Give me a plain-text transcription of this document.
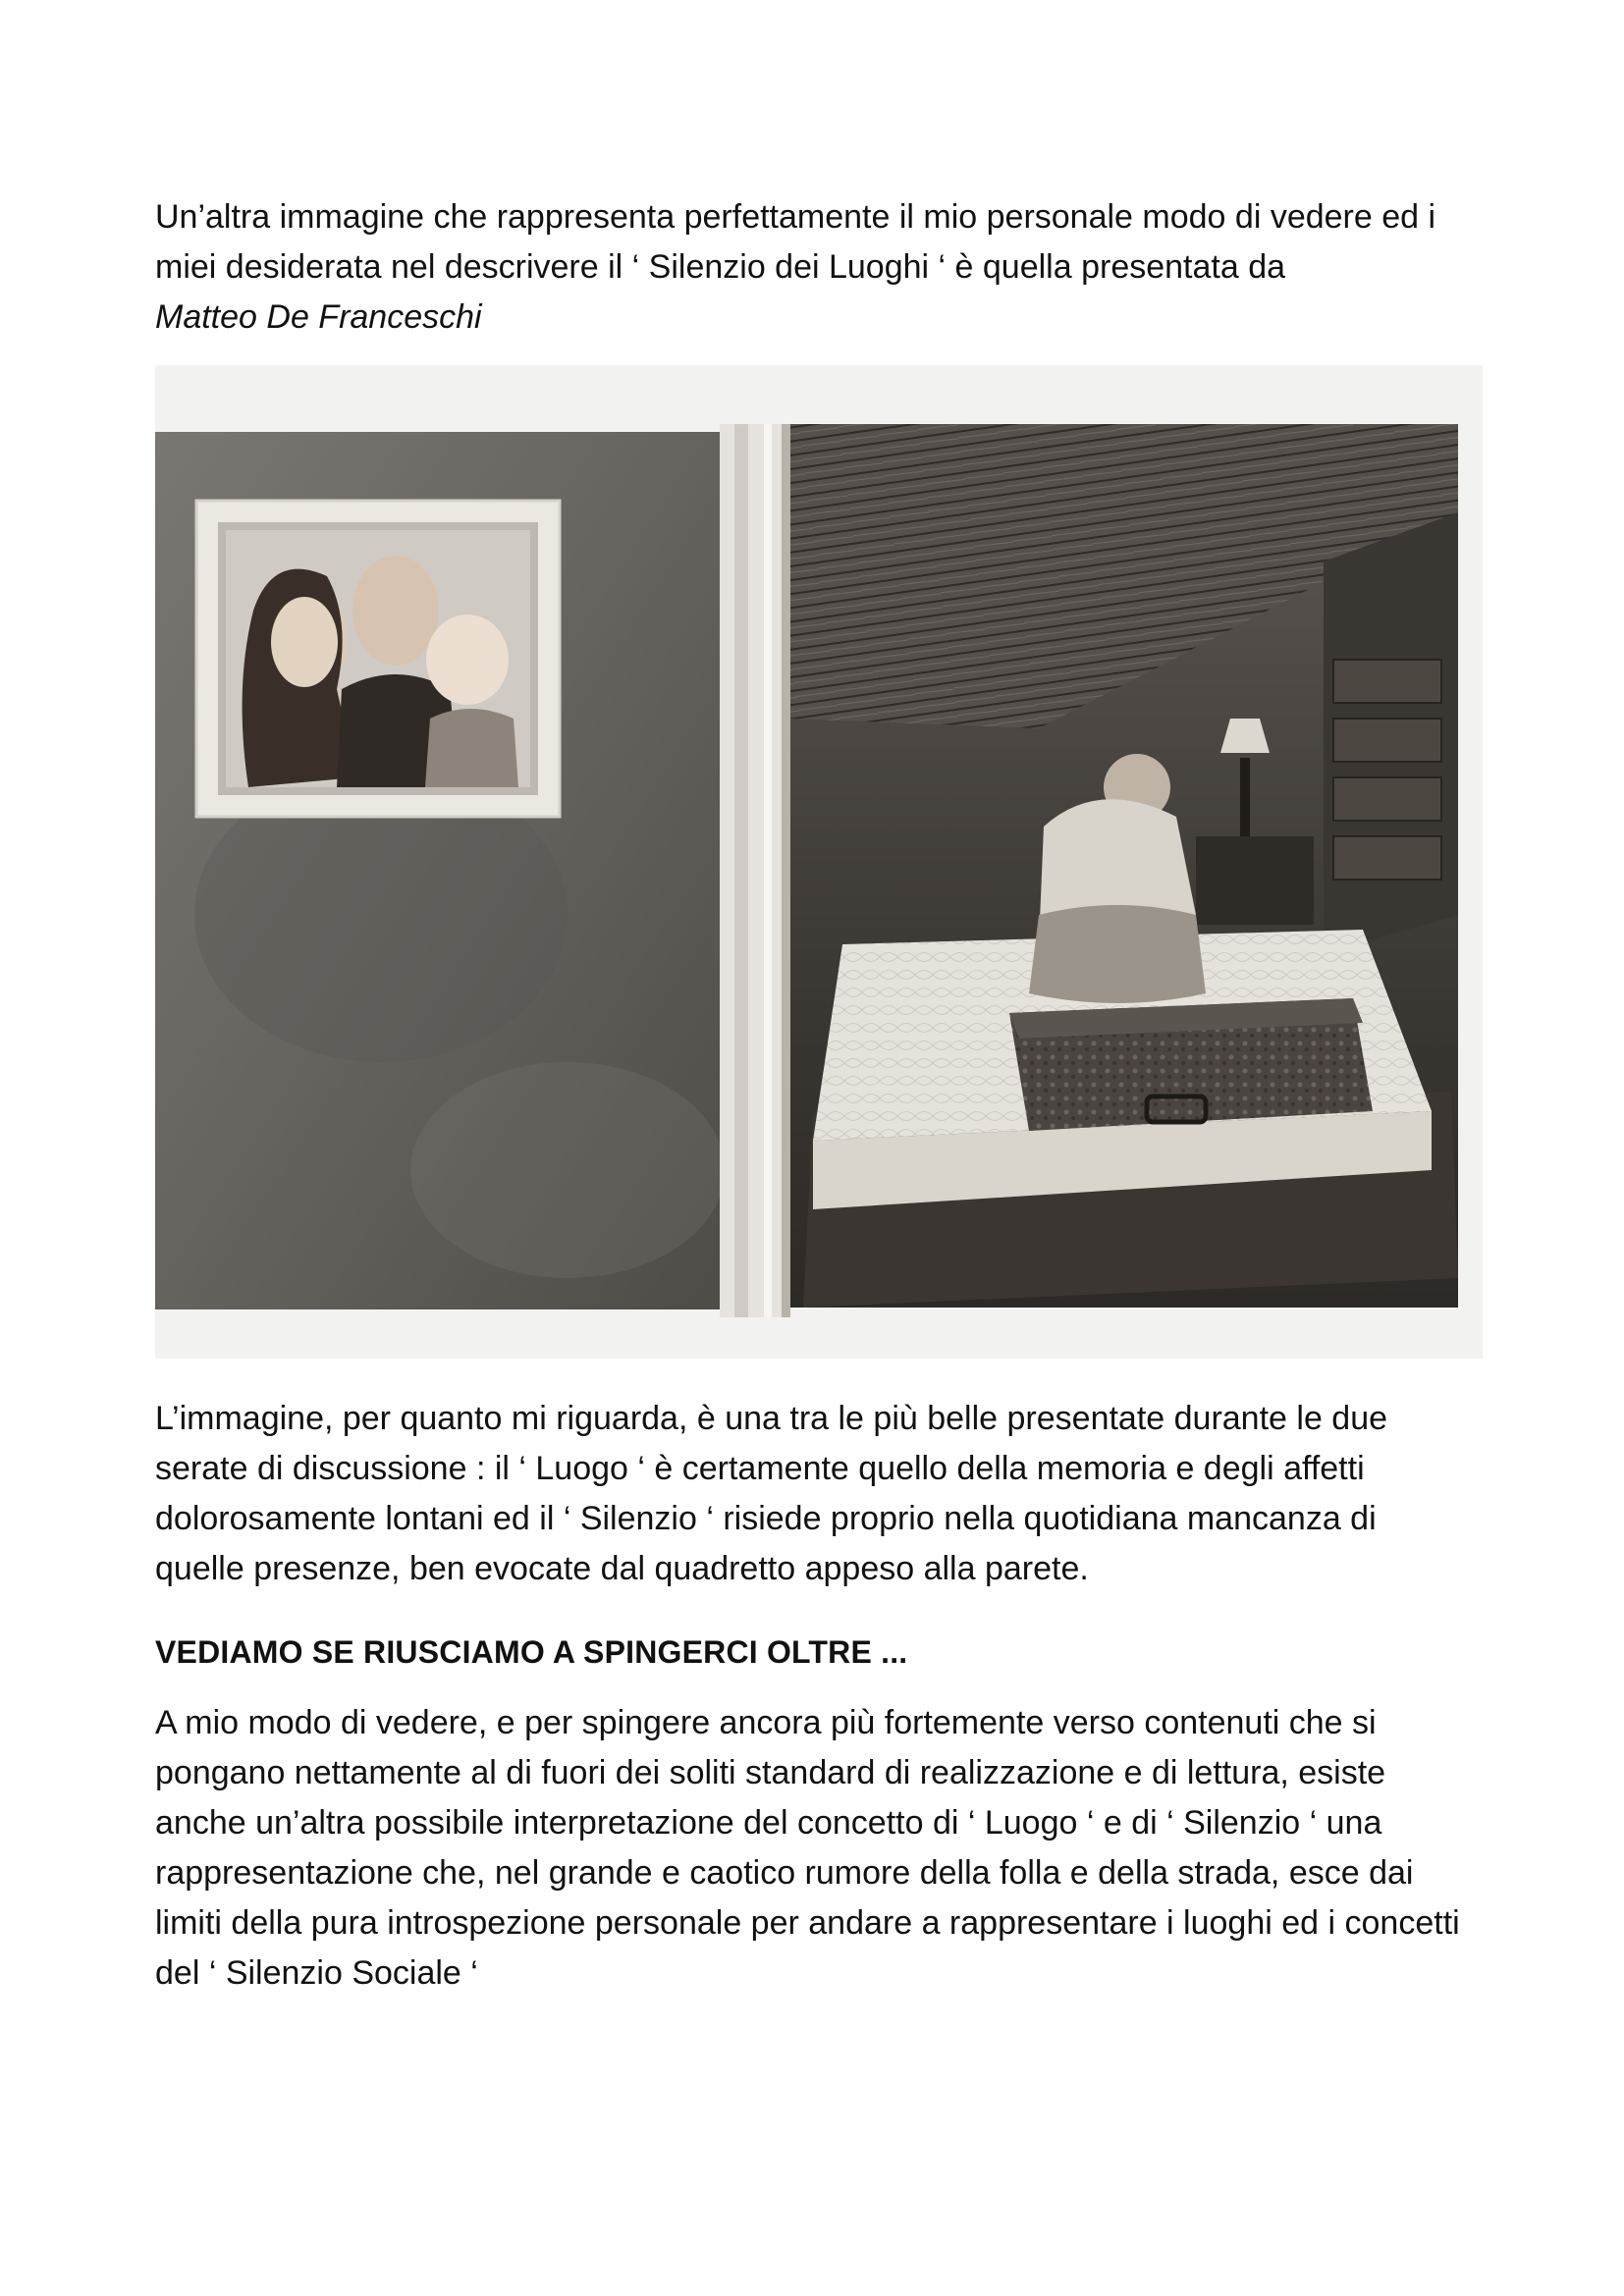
Un’altra immagine che rappresenta perfettamente il mio personale modo di vedere ed i miei desiderata nel descrivere il ‘ Silenzio dei Luoghi ‘ è quella presentata da
Matteo De Franceschi

L’immagine, per quanto mi riguarda, è una tra le più belle presentate durante le due serate di discussione : il ‘ Luogo ‘ è certamente quello della memoria e degli affetti dolorosamente lontani ed il ‘ Silenzio ‘ risiede proprio nella quotidiana mancanza di quelle presenze, ben evocate dal quadretto appeso alla parete.

VEDIAMO SE RIUSCIAMO A SPINGERCI OLTRE ...

A mio modo di vedere, e per spingere ancora più fortemente verso contenuti che si pongano nettamente al di fuori dei soliti standard di realizzazione e di lettura, esiste anche un’altra possibile interpretazione del concetto di ‘ Luogo ‘ e di ‘ Silenzio ‘ una rappresentazione che, nel grande e caotico rumore della folla e della strada, esce dai limiti della pura introspezione personale per andare a rappresentare i luoghi ed i concetti del ‘ Silenzio Sociale ‘
